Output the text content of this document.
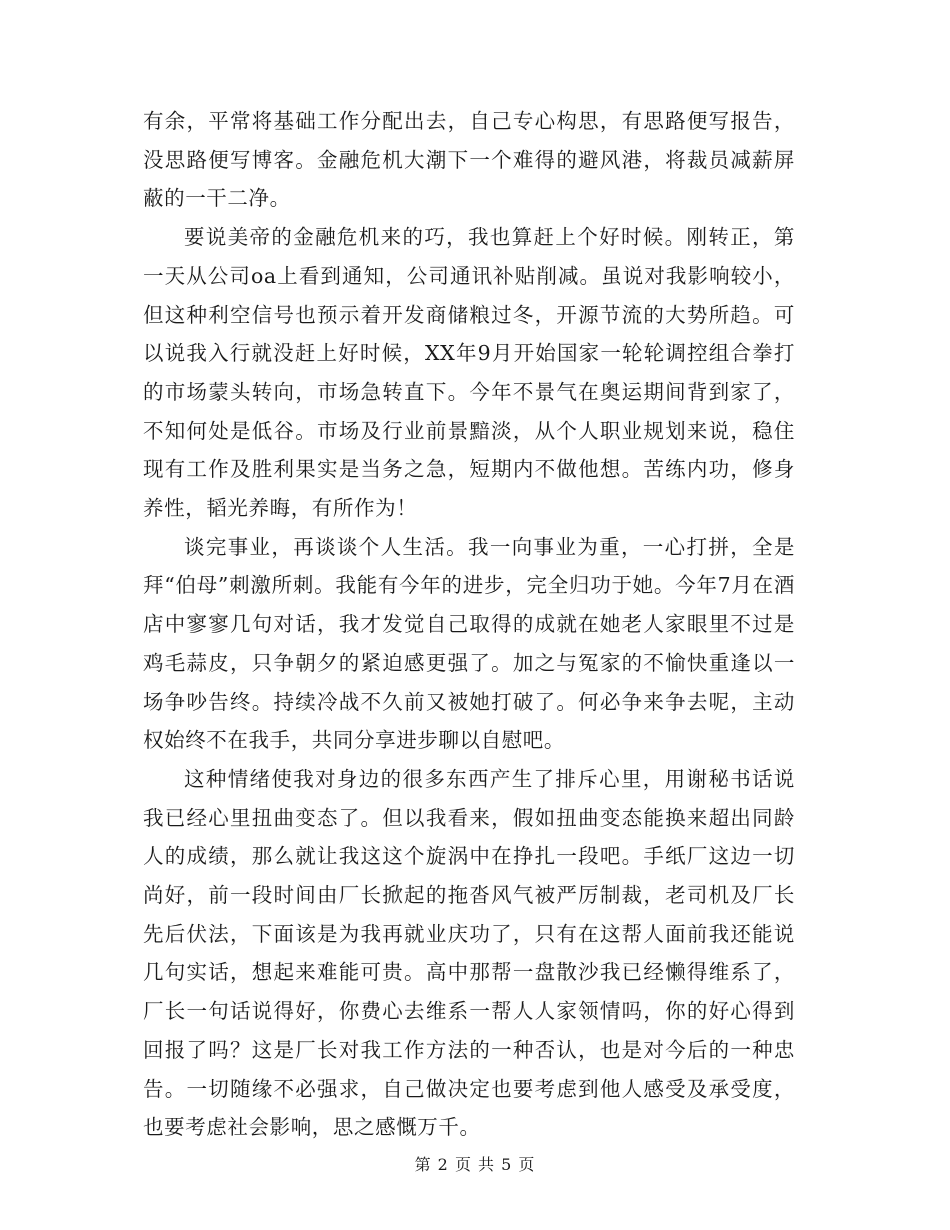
有余，平常将基础工作分配出去，自己专心构思，有思路便写报告，没思路便写博客。金融危机大潮下一个难得的避风港，将裁员减薪屏蔽的一干二净。

要说美帝的金融危机来的巧，我也算赶上个好时候。刚转正，第一天从公司oa上看到通知，公司通讯补贴削减。虽说对我影响较小，但这种利空信号也预示着开发商储粮过冬，开源节流的大势所趋。可以说我入行就没赶上好时候，XX年9月开始国家一轮轮调控组合拳打的市场蒙头转向，市场急转直下。今年不景气在奥运期间背到家了，不知何处是低谷。市场及行业前景黯淡，从个人职业规划来说，稳住现有工作及胜利果实是当务之急，短期内不做他想。苦练内功，修身养性，韬光养晦，有所作为！

谈完事业，再谈谈个人生活。我一向事业为重，一心打拼，全是拜“伯母”刺激所刺。我能有今年的进步，完全归功于她。今年7月在酒店中寥寥几句对话，我才发觉自己取得的成就在她老人家眼里不过是鸡毛蒜皮，只争朝夕的紧迫感更强了。加之与冤家的不愉快重逢以一场争吵告终。持续冷战不久前又被她打破了。何必争来争去呢，主动权始终不在我手，共同分享进步聊以自慰吧。

这种情绪使我对身边的很多东西产生了排斥心里，用谢秘书话说我已经心里扭曲变态了。但以我看来，假如扭曲变态能换来超出同龄人的成绩，那么就让我这这个旋涡中在挣扎一段吧。手纸厂这边一切尚好，前一段时间由厂长掀起的拖沓风气被严厉制裁，老司机及厂长先后伏法，下面该是为我再就业庆功了，只有在这帮人面前我还能说几句实话，想起来难能可贵。高中那帮一盘散沙我已经懒得维系了，厂长一句话说得好，你费心去维系一帮人人家领情吗，你的好心得到回报了吗？这是厂长对我工作方法的一种否认，也是对今后的一种忠告。一切随缘不必强求，自己做决定也要考虑到他人感受及承受度，也要考虑社会影响，思之感慨万千。

第 2 页 共 5 页
